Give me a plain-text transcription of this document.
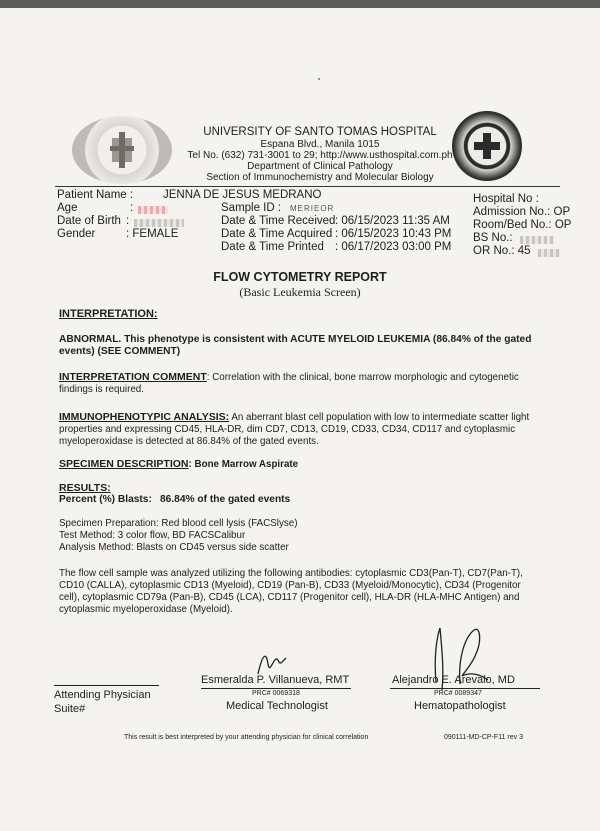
UNIVERSITY OF SANTO TOMAS HOSPITAL
Espana Blvd., Manila 1015
Tel No. (632) 731-3001 to 29; http://www.usthospital.com.ph
Department of Clinical Pathology
Section of Immunochemistry and Molecular Biology
Patient Name :	JENNA DE JESUS MEDRANO
Age	:
Date of Birth :
Gender	: FEMALE
Sample ID : MERIEOR
Date & Time Received : 06/15/2023 11:35 AM
Date & Time Acquired : 06/15/2023 10:43 PM
Date & Time Printed : 06/17/2023 03:00 PM
Hospital No :
Admission No.: OP
Room/Bed No.: OP
BS No.:
OR No.: 45
FLOW CYTOMETRY REPORT
(Basic Leukemia Screen)
INTERPRETATION:
ABNORMAL. This phenotype is consistent with ACUTE MYELOID LEUKEMIA (86.84% of the gated events) (SEE COMMENT)
INTERPRETATION COMMENT: Correlation with the clinical, bone marrow morphologic and cytogenetic findings is required.
IMMUNOPHENOTYPIC ANALYSIS: An aberrant blast cell population with low to intermediate scatter light properties and expressing CD45, HLA-DR, dim CD7, CD13, CD19, CD33, CD34, CD117 and cytoplasmic myeloperoxidase is detected at 86.84% of the gated events.
SPECIMEN DESCRIPTION: Bone Marrow Aspirate
RESULTS:
Percent (%) Blasts: 86.84% of the gated events
Specimen Preparation: Red blood cell lysis (FACSlyse)
Test Method: 3 color flow, BD FACSCalibur
Analysis Method: Blasts on CD45 versus side scatter
The flow cell sample was analyzed utilizing the following antibodies: cytoplasmic CD3(Pan-T), CD7(Pan-T), CD10 (CALLA), cytoplasmic CD13 (Myeloid), CD19 (Pan-B), CD33 (Myeloid/Monocytic), CD34 (Progenitor cell), cytoplasmic CD79a (Pan-B), CD45 (LCA), CD117 (Progenitor cell), HLA-DR (HLA-MHC Antigen) and cytoplasmic myeloperoxidase (Myeloid).
Esmeralda P. Villanueva, RMT
PRC# 0069318
Medical Technologist
Alejandro E. Arevalo, MD
PRC# 0089347
Hematopathologist
Attending Physician
Suite#
This result is best interpreted by your attending physician for clinical correlation	090111-MD-CP-F11 rev 3
